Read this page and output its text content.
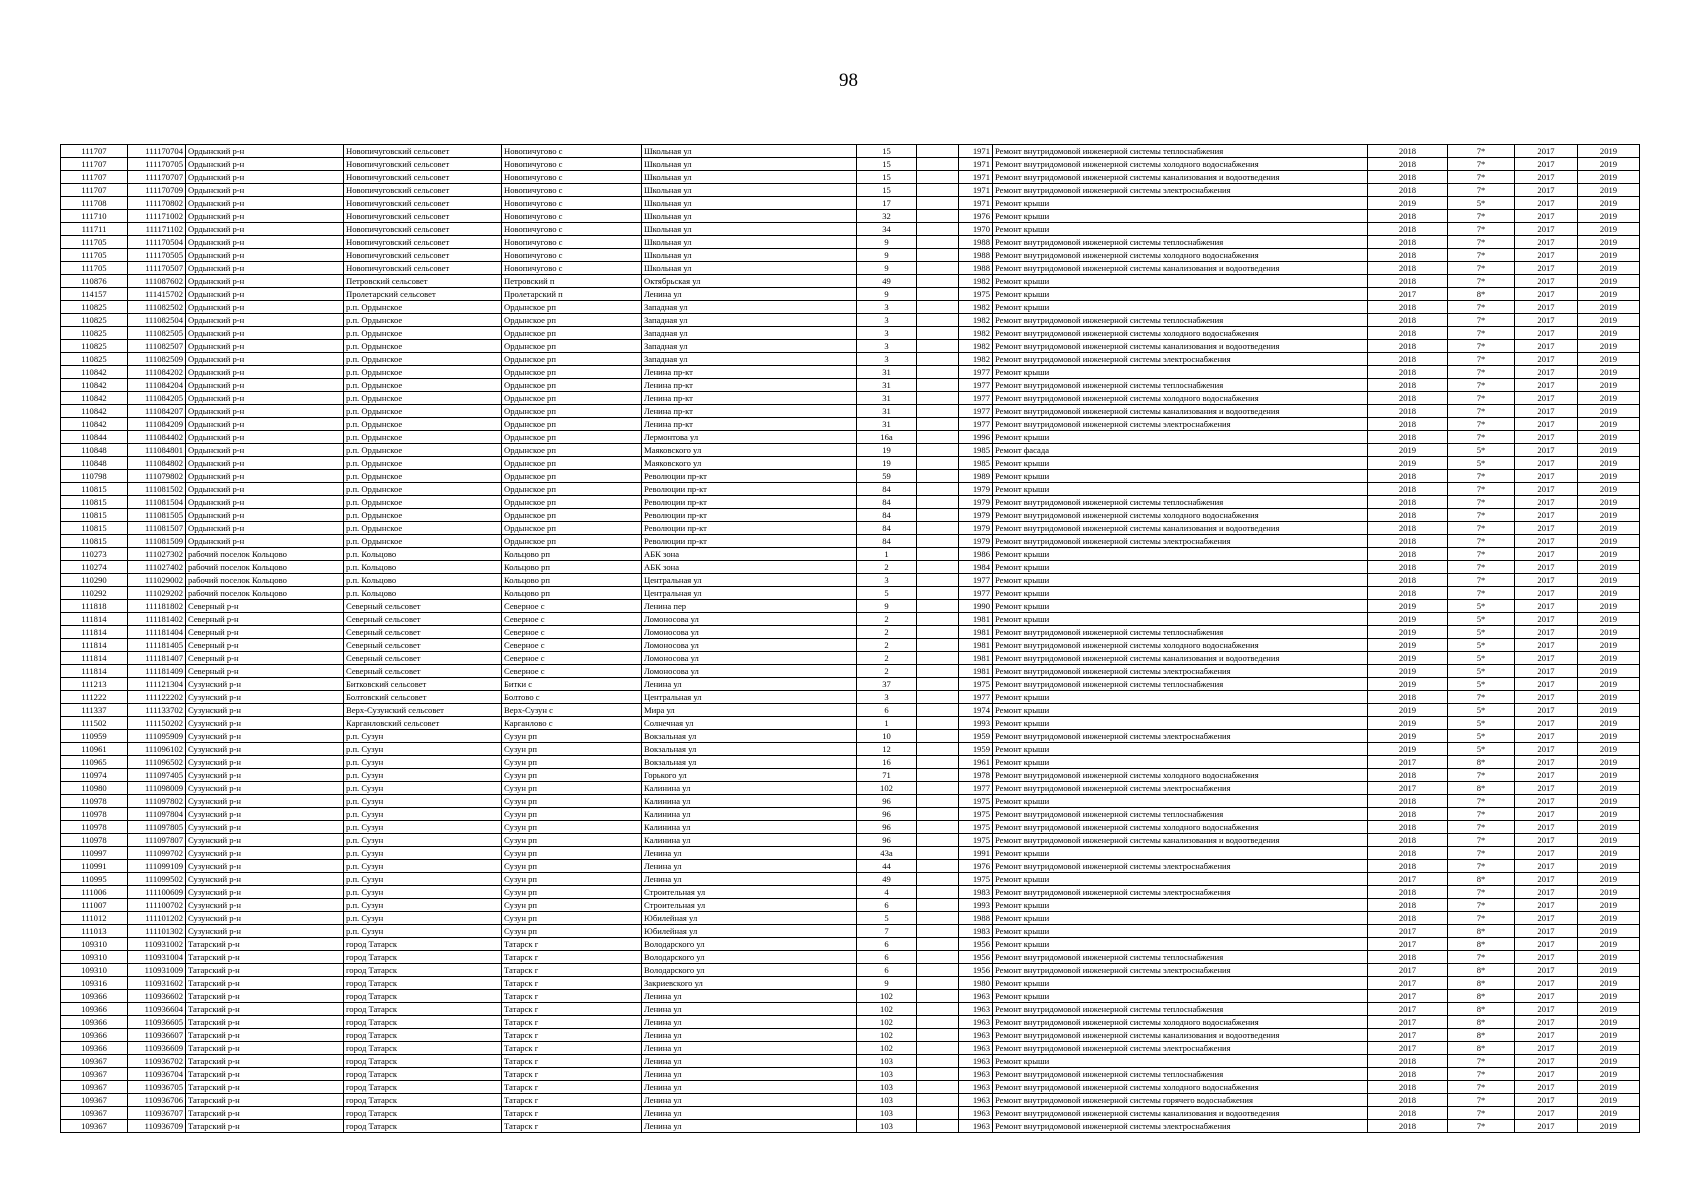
98
111707	111170704	Ордынский р-н	Новопичуговский сельсовет	Новопичугово с	Школьная ул	15		1971	Ремонт внутридомовой инженерной системы теплоснабжения	2018	7*	2017	2019
111707	111170705	Ордынский р-н	Новопичуговский сельсовет	Новопичугово с	Школьная ул	15		1971	Ремонт внутридомовой инженерной системы холодного водоснабжения	2018	7*	2017	2019
111707	111170707	Ордынский р-н	Новопичуговский сельсовет	Новопичугово с	Школьная ул	15		1971	Ремонт внутридомовой инженерной системы канализования и водоотведения	2018	7*	2017	2019
111707	111170709	Ордынский р-н	Новопичуговский сельсовет	Новопичугово с	Школьная ул	15		1971	Ремонт внутридомовой инженерной системы электроснабжения	2018	7*	2017	2019
111708	111170802	Ордынский р-н	Новопичуговский сельсовет	Новопичугово с	Школьная ул	17		1971	Ремонт крыши	2019	5*	2017	2019
111710	111171002	Ордынский р-н	Новопичуговский сельсовет	Новопичугово с	Школьная ул	32		1976	Ремонт крыши	2018	7*	2017	2019
111711	111171102	Ордынский р-н	Новопичуговский сельсовет	Новопичугово с	Школьная ул	34		1970	Ремонт крыши	2018	7*	2017	2019
111705	111170504	Ордынский р-н	Новопичуговский сельсовет	Новопичугово с	Школьная ул	9		1988	Ремонт внутридомовой инженерной системы теплоснабжения	2018	7*	2017	2019
111705	111170505	Ордынский р-н	Новопичуговский сельсовет	Новопичугово с	Школьная ул	9		1988	Ремонт внутридомовой инженерной системы холодного водоснабжения	2018	7*	2017	2019
111705	111170507	Ордынский р-н	Новопичуговский сельсовет	Новопичугово с	Школьная ул	9		1988	Ремонт внутридомовой инженерной системы канализования и водоотведения	2018	7*	2017	2019
110876	111087602	Ордынский р-н	Петровский сельсовет	Петровский п	Октябрьская ул	49		1982	Ремонт крыши	2018	7*	2017	2019
114157	111415702	Ордынский р-н	Пролетарский сельсовет	Пролетарский п	Ленина ул	9		1975	Ремонт крыши	2017	8*	2017	2019
110825	111082502	Ордынский р-н	р.п. Ордынское	Ордынское рп	Западная ул	3		1982	Ремонт крыши	2018	7*	2017	2019
110825	111082504	Ордынский р-н	р.п. Ордынское	Ордынское рп	Западная ул	3		1982	Ремонт внутридомовой инженерной системы теплоснабжения	2018	7*	2017	2019
110825	111082505	Ордынский р-н	р.п. Ордынское	Ордынское рп	Западная ул	3		1982	Ремонт внутридомовой инженерной системы холодного водоснабжения	2018	7*	2017	2019
110825	111082507	Ордынский р-н	р.п. Ордынское	Ордынское рп	Западная ул	3		1982	Ремонт внутридомовой инженерной системы канализования и водоотведения	2018	7*	2017	2019
110825	111082509	Ордынский р-н	р.п. Ордынское	Ордынское рп	Западная ул	3		1982	Ремонт внутридомовой инженерной системы электроснабжения	2018	7*	2017	2019
110842	111084202	Ордынский р-н	р.п. Ордынское	Ордынское рп	Ленина пр-кт	31		1977	Ремонт крыши	2018	7*	2017	2019
110842	111084204	Ордынский р-н	р.п. Ордынское	Ордынское рп	Ленина пр-кт	31		1977	Ремонт внутридомовой инженерной системы теплоснабжения	2018	7*	2017	2019
110842	111084205	Ордынский р-н	р.п. Ордынское	Ордынское рп	Ленина пр-кт	31		1977	Ремонт внутридомовой инженерной системы холодного водоснабжения	2018	7*	2017	2019
110842	111084207	Ордынский р-н	р.п. Ордынское	Ордынское рп	Ленина пр-кт	31		1977	Ремонт внутридомовой инженерной системы канализования и водоотведения	2018	7*	2017	2019
110842	111084209	Ордынский р-н	р.п. Ордынское	Ордынское рп	Ленина пр-кт	31		1977	Ремонт внутридомовой инженерной системы электроснабжения	2018	7*	2017	2019
110844	111084402	Ордынский р-н	р.п. Ордынское	Ордынское рп	Лермонтова ул	16а		1996	Ремонт крыши	2018	7*	2017	2019
110848	111084801	Ордынский р-н	р.п. Ордынское	Ордынское рп	Маяковского ул	19		1985	Ремонт фасада	2019	5*	2017	2019
110848	111084802	Ордынский р-н	р.п. Ордынское	Ордынское рп	Маяковского ул	19		1985	Ремонт крыши	2019	5*	2017	2019
110798	111079802	Ордынский р-н	р.п. Ордынское	Ордынское рп	Революции пр-кт	59		1989	Ремонт крыши	2018	7*	2017	2019
110815	111081502	Ордынский р-н	р.п. Ордынское	Ордынское рп	Революции пр-кт	84		1979	Ремонт крыши	2018	7*	2017	2019
110815	111081504	Ордынский р-н	р.п. Ордынское	Ордынское рп	Революции пр-кт	84		1979	Ремонт внутридомовой инженерной системы теплоснабжения	2018	7*	2017	2019
110815	111081505	Ордынский р-н	р.п. Ордынское	Ордынское рп	Революции пр-кт	84		1979	Ремонт внутридомовой инженерной системы холодного водоснабжения	2018	7*	2017	2019
110815	111081507	Ордынский р-н	р.п. Ордынское	Ордынское рп	Революции пр-кт	84		1979	Ремонт внутридомовой инженерной системы канализования и водоотведения	2018	7*	2017	2019
110815	111081509	Ордынский р-н	р.п. Ордынское	Ордынское рп	Революции пр-кт	84		1979	Ремонт внутридомовой инженерной системы электроснабжения	2018	7*	2017	2019
110273	111027302	рабочий поселок Кольцово	р.п. Кольцово	Кольцово рп	АБК зона	1		1986	Ремонт крыши	2018	7*	2017	2019
110274	111027402	рабочий поселок Кольцово	р.п. Кольцово	Кольцово рп	АБК зона	2		1984	Ремонт крыши	2018	7*	2017	2019
110290	111029002	рабочий поселок Кольцово	р.п. Кольцово	Кольцово рп	Центральная ул	3		1977	Ремонт крыши	2018	7*	2017	2019
110292	111029202	рабочий поселок Кольцово	р.п. Кольцово	Кольцово рп	Центральная ул	5		1977	Ремонт крыши	2018	7*	2017	2019
111818	111181802	Северный р-н	Северный сельсовет	Северное с	Ленина пер	9		1990	Ремонт крыши	2019	5*	2017	2019
111814	111181402	Северный р-н	Северный сельсовет	Северное с	Ломоносова ул	2		1981	Ремонт крыши	2019	5*	2017	2019
111814	111181404	Северный р-н	Северный сельсовет	Северное с	Ломоносова ул	2		1981	Ремонт внутридомовой инженерной системы теплоснабжения	2019	5*	2017	2019
111814	111181405	Северный р-н	Северный сельсовет	Северное с	Ломоносова ул	2		1981	Ремонт внутридомовой инженерной системы холодного водоснабжения	2019	5*	2017	2019
111814	111181407	Северный р-н	Северный сельсовет	Северное с	Ломоносова ул	2		1981	Ремонт внутридомовой инженерной системы канализования и водоотведения	2019	5*	2017	2019
111814	111181409	Северный р-н	Северный сельсовет	Северное с	Ломоносова ул	2		1981	Ремонт внутридомовой инженерной системы электроснабжения	2019	5*	2017	2019
111213	111121304	Сузунский р-н	Битковский сельсовет	Битки с	Ленина ул	37		1975	Ремонт внутридомовой инженерной системы теплоснабжения	2019	5*	2017	2019
111222	111122202	Сузунский р-н	Болтовский сельсовет	Болтово с	Центральная ул	3		1977	Ремонт крыши	2018	7*	2017	2019
111337	111133702	Сузунский р-н	Верх-Сузунский сельсовет	Верх-Сузун с	Мира ул	6		1974	Ремонт крыши	2019	5*	2017	2019
111502	111150202	Сузунский р-н	Карганловский сельсовет	Карганлово с	Солнечная ул	1		1993	Ремонт крыши	2019	5*	2017	2019
110959	111095909	Сузунский р-н	р.п. Сузун	Сузун рп	Вокзальная ул	10		1959	Ремонт внутридомовой инженерной системы электроснабжения	2019	5*	2017	2019
110961	111096102	Сузунский р-н	р.п. Сузун	Сузун рп	Вокзальная ул	12		1959	Ремонт крыши	2019	5*	2017	2019
110965	111096502	Сузунский р-н	р.п. Сузун	Сузун рп	Вокзальная ул	16		1961	Ремонт крыши	2017	8*	2017	2019
110974	111097405	Сузунский р-н	р.п. Сузун	Сузун рп	Горького ул	71		1978	Ремонт внутридомовой инженерной системы холодного водоснабжения	2018	7*	2017	2019
110980	111098009	Сузунский р-н	р.п. Сузун	Сузун рп	Калинина ул	102		1977	Ремонт внутридомовой инженерной системы электроснабжения	2017	8*	2017	2019
110978	111097802	Сузунский р-н	р.п. Сузун	Сузун рп	Калинина ул	96		1975	Ремонт крыши	2018	7*	2017	2019
110978	111097804	Сузунский р-н	р.п. Сузун	Сузун рп	Калинина ул	96		1975	Ремонт внутридомовой инженерной системы теплоснабжения	2018	7*	2017	2019
110978	111097805	Сузунский р-н	р.п. Сузун	Сузун рп	Калинина ул	96		1975	Ремонт внутридомовой инженерной системы холодного водоснабжения	2018	7*	2017	2019
110978	111097807	Сузунский р-н	р.п. Сузун	Сузун рп	Калинина ул	96		1975	Ремонт внутридомовой инженерной системы канализования и водоотведения	2018	7*	2017	2019
110997	111099702	Сузунский р-н	р.п. Сузун	Сузун рп	Ленина ул	43а		1991	Ремонт крыши	2018	7*	2017	2019
110991	111099109	Сузунский р-н	р.п. Сузун	Сузун рп	Ленина ул	44		1976	Ремонт внутридомовой инженерной системы электроснабжения	2018	7*	2017	2019
110995	111099502	Сузунский р-н	р.п. Сузун	Сузун рп	Ленина ул	49		1975	Ремонт крыши	2017	8*	2017	2019
111006	111100609	Сузунский р-н	р.п. Сузун	Сузун рп	Строительная ул	4		1983	Ремонт внутридомовой инженерной системы электроснабжения	2018	7*	2017	2019
111007	111100702	Сузунский р-н	р.п. Сузун	Сузун рп	Строительная ул	6		1993	Ремонт крыши	2018	7*	2017	2019
111012	111101202	Сузунский р-н	р.п. Сузун	Сузун рп	Юбилейная ул	5		1988	Ремонт крыши	2018	7*	2017	2019
111013	111101302	Сузунский р-н	р.п. Сузун	Сузун рп	Юбилейная ул	7		1983	Ремонт крыши	2017	8*	2017	2019
109310	110931002	Татарский р-н	город Татарск	Татарск г	Володарского ул	6		1956	Ремонт крыши	2017	8*	2017	2019
109310	110931004	Татарский р-н	город Татарск	Татарск г	Володарского ул	6		1956	Ремонт внутридомовой инженерной системы теплоснабжения	2018	7*	2017	2019
109310	110931009	Татарский р-н	город Татарск	Татарск г	Володарского ул	6		1956	Ремонт внутридомовой инженерной системы электроснабжения	2017	8*	2017	2019
109316	110931602	Татарский р-н	город Татарск	Татарск г	Закриевского ул	9		1980	Ремонт крыши	2017	8*	2017	2019
109366	110936602	Татарский р-н	город Татарск	Татарск г	Ленина ул	102		1963	Ремонт крыши	2017	8*	2017	2019
109366	110936604	Татарский р-н	город Татарск	Татарск г	Ленина ул	102		1963	Ремонт внутридомовой инженерной системы теплоснабжения	2017	8*	2017	2019
109366	110936605	Татарский р-н	город Татарск	Татарск г	Ленина ул	102		1963	Ремонт внутридомовой инженерной системы холодного водоснабжения	2017	8*	2017	2019
109366	110936607	Татарский р-н	город Татарск	Татарск г	Ленина ул	102		1963	Ремонт внутридомовой инженерной системы канализования и водоотведения	2017	8*	2017	2019
109366	110936609	Татарский р-н	город Татарск	Татарск г	Ленина ул	102		1963	Ремонт внутридомовой инженерной системы электроснабжения	2017	8*	2017	2019
109367	110936702	Татарский р-н	город Татарск	Татарск г	Ленина ул	103		1963	Ремонт крыши	2018	7*	2017	2019
109367	110936704	Татарский р-н	город Татарск	Татарск г	Ленина ул	103		1963	Ремонт внутридомовой инженерной системы теплоснабжения	2018	7*	2017	2019
109367	110936705	Татарский р-н	город Татарск	Татарск г	Ленина ул	103		1963	Ремонт внутридомовой инженерной системы холодного водоснабжения	2018	7*	2017	2019
109367	110936706	Татарский р-н	город Татарск	Татарск г	Ленина ул	103		1963	Ремонт внутридомовой инженерной системы горячего водоснабжения	2018	7*	2017	2019
109367	110936707	Татарский р-н	город Татарск	Татарск г	Ленина ул	103		1963	Ремонт внутридомовой инженерной системы канализования и водоотведения	2018	7*	2017	2019
109367	110936709	Татарский р-н	город Татарск	Татарск г	Ленина ул	103		1963	Ремонт внутридомовой инженерной системы электроснабжения	2018	7*	2017	2019
